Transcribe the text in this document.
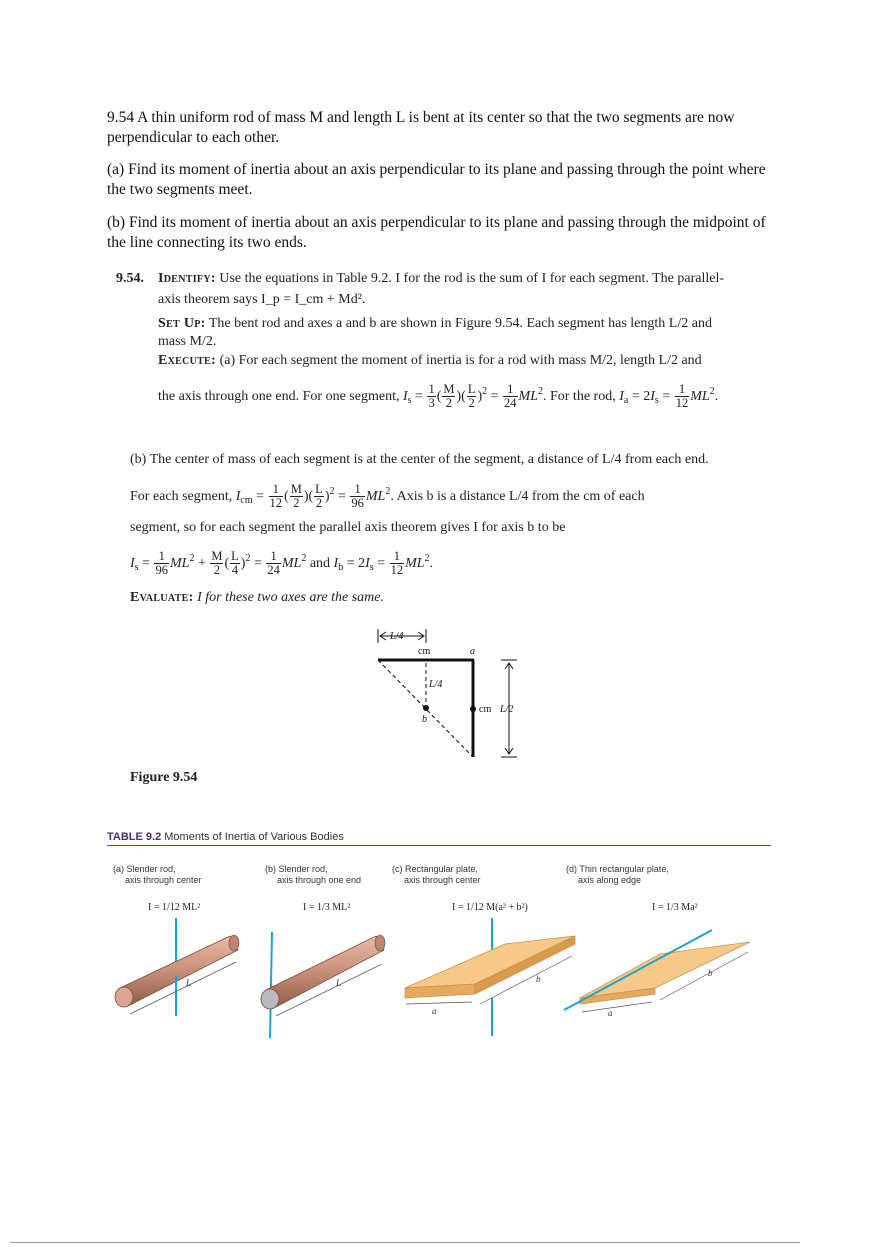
9.54 A thin uniform rod of mass M and length L is bent at its center so that the two segments are now perpendicular to each other.
(a) Find its moment of inertia about an axis perpendicular to its plane and passing through the point where the two segments meet.
(b) Find its moment of inertia about an axis perpendicular to its plane and passing through the midpoint of the line connecting its two ends.
9.54. Identify: Use the equations in Table 9.2. I for the rod is the sum of I for each segment. The parallel-
axis theorem says I_p = I_cm + Md².
Set Up: The bent rod and axes a and b are shown in Figure 9.54. Each segment has length L/2 and
mass M/2.
Execute: (a) For each segment the moment of inertia is for a rod with mass M/2, length L/2 and
the axis through one end. For one segment, $I_s = \frac{1}{3}$ ( $\frac{M}{2}$ )( $\frac{L}{2} )^2 = \frac{1}{24} ML^2$. For the rod, $I_a = 2I_s = \frac{1}{12} ML^2$.
(b) The center of mass of each segment is at the center of the segment, a distance of L/4 from each end.
For each segment, $I_{cm} = \frac{1}{12}$ ( $\frac{M}{2}$ )( $\frac{L}{2} )^2 = \frac{1}{96} ML^2$. Axis b is a distance L/4 from the cm of each
segment, so for each segment the parallel axis theorem gives I for axis b to be
$I_s = \frac{1}{96} ML^2 + \frac{M}{2}$ ( $\frac{L}{4} )^2 = \frac{1}{24} ML^2$ and $I_b = 2I_s = \frac{1}{12} ML^2$.
Evaluate: I for these two axes are the same.
L/4
cm	a
L/4
b
cm L/2
Figure 9.54
TABLE 9.2 Moments of Inertia of Various Bodies
(a) Slender rod,
axis through center
(b) Slender rod,
axis through one end
(c) Rectangular plate,
axis through center
(d) Thin rectangular plate,
axis along edge
I = 1/12 ML²	I = 1/3 ML²	I = 1/12 M(a² + b²)	I = 1/3 Ma²
L	L
a
b
a
b
